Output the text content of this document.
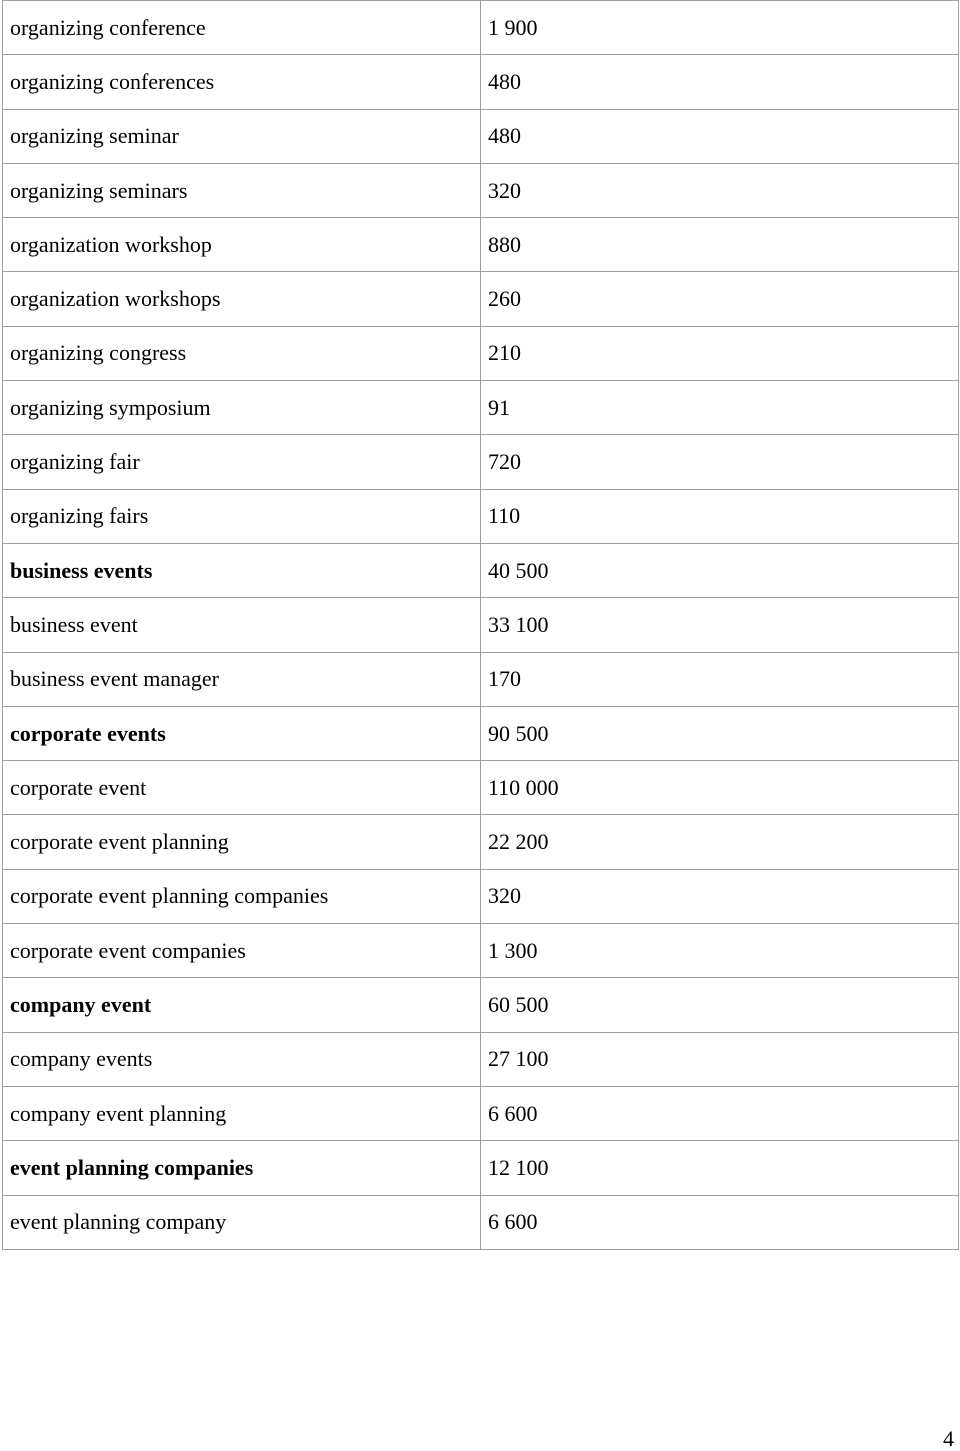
organizing conference	1 900
organizing conferences	480
organizing seminar	480
organizing seminars	320
organization workshop	880
organization workshops	260
organizing congress	210
organizing symposium	91
organizing fair	720
organizing fairs	110
business events	40 500
business event	33 100
business event manager	170
corporate events	90 500
corporate event	110 000
corporate event planning	22 200
corporate event planning companies	320
corporate event companies	1 300
company event	60 500
company events	27 100
company event planning	6 600
event planning companies	12 100
event planning company	6 600
4
